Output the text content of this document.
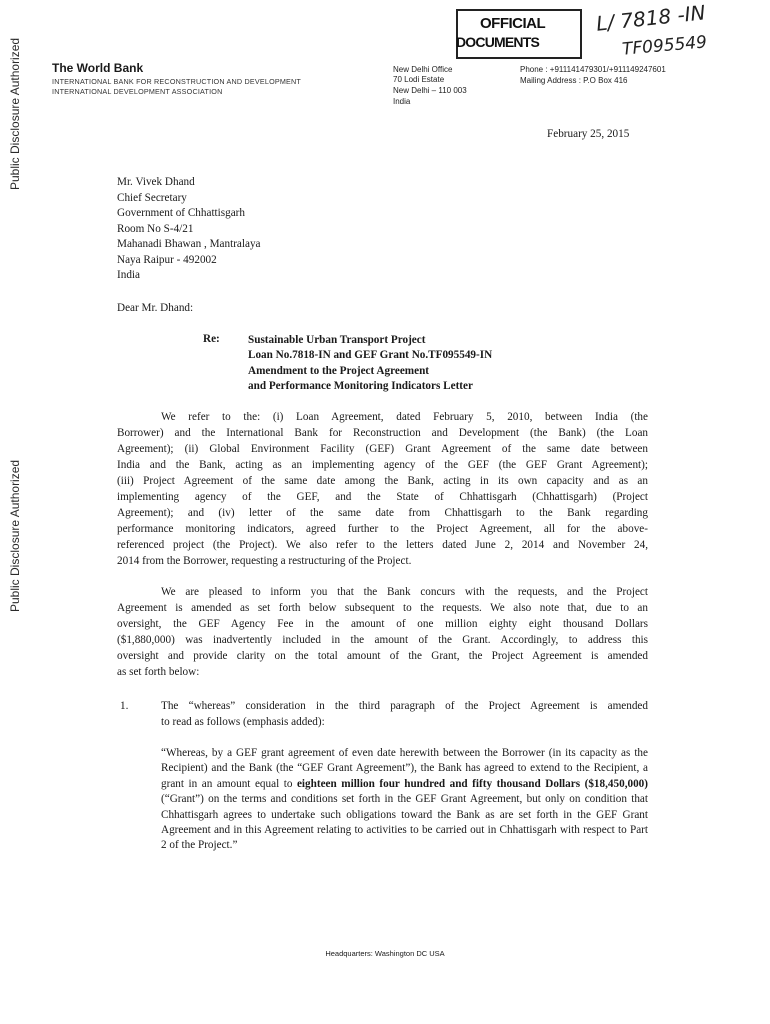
Public Disclosure Authorized
Public Disclosure Authorized
The World Bank
INTERNATIONAL BANK FOR RECONSTRUCTION AND DEVELOPMENT
INTERNATIONAL DEVELOPMENT ASSOCIATION
New Delhi Office
70 Lodi Estate
New Delhi – 110 003
India
Phone : +911141479301/+911149247601
Mailing Address : P.O Box 416
OFFICIAL
DOCUMENTS
L/ 7818 -IN
TF095549
February 25, 2015
Mr. Vivek Dhand
Chief Secretary
Government of Chhattisgarh
Room No S-4/21
Mahanadi Bhawan , Mantralaya
Naya Raipur - 492002
India
Dear Mr. Dhand:
Re:	Sustainable Urban Transport Project
Loan No.7818-IN and GEF Grant No.TF095549-IN
Amendment to the Project Agreement
and Performance Monitoring Indicators Letter
We refer to the: (i) Loan Agreement, dated February 5, 2010, between India (the
Borrower) and the International Bank for Reconstruction and Development (the Bank) (the Loan
Agreement); (ii) Global Environment Facility (GEF) Grant Agreement of the same date between
India and the Bank, acting as an implementing agency of the GEF (the GEF Grant Agreement);
(iii) Project Agreement of the same date among the Bank, acting in its own capacity and as an
implementing agency of the GEF, and the State of Chhattisgarh (Chhattisgarh) (Project
Agreement); and (iv) letter of the same date from Chhattisgarh to the Bank regarding
performance monitoring indicators, agreed further to the Project Agreement, all for the above-
referenced project (the Project). We also refer to the letters dated June 2, 2014 and November 24,
2014 from the Borrower, requesting a restructuring of the Project.
We are pleased to inform you that the Bank concurs with the requests, and the Project
Agreement is amended as set forth below subsequent to the requests. We also note that, due to an
oversight, the GEF Agency Fee in the amount of one million eighty eight thousand Dollars
($1,880,000) was inadvertently included in the amount of the Grant. Accordingly, to address this
oversight and provide clarity on the total amount of the Grant, the Project Agreement is amended
as set forth below:
1.	The “whereas” consideration in the third paragraph of the Project Agreement is amended
to read as follows (emphasis added):
“Whereas, by a GEF grant agreement of even date herewith between the Borrower (in its capacity as the Recipient) and the Bank (the “GEF Grant Agreement”), the Bank has agreed to extend to the Recipient, a grant in an amount equal to eighteen million four hundred and fifty thousand Dollars ($18,450,000) (“Grant”) on the terms and conditions set forth in the GEF Grant Agreement, but only on condition that Chhattisgarh agrees to undertake such obligations toward the Bank as are set forth in the GEF Grant Agreement and in this Agreement relating to activities to be carried out in Chhattisgarh with respect to Part 2 of the Project.”
Headquarters: Washington DC USA
